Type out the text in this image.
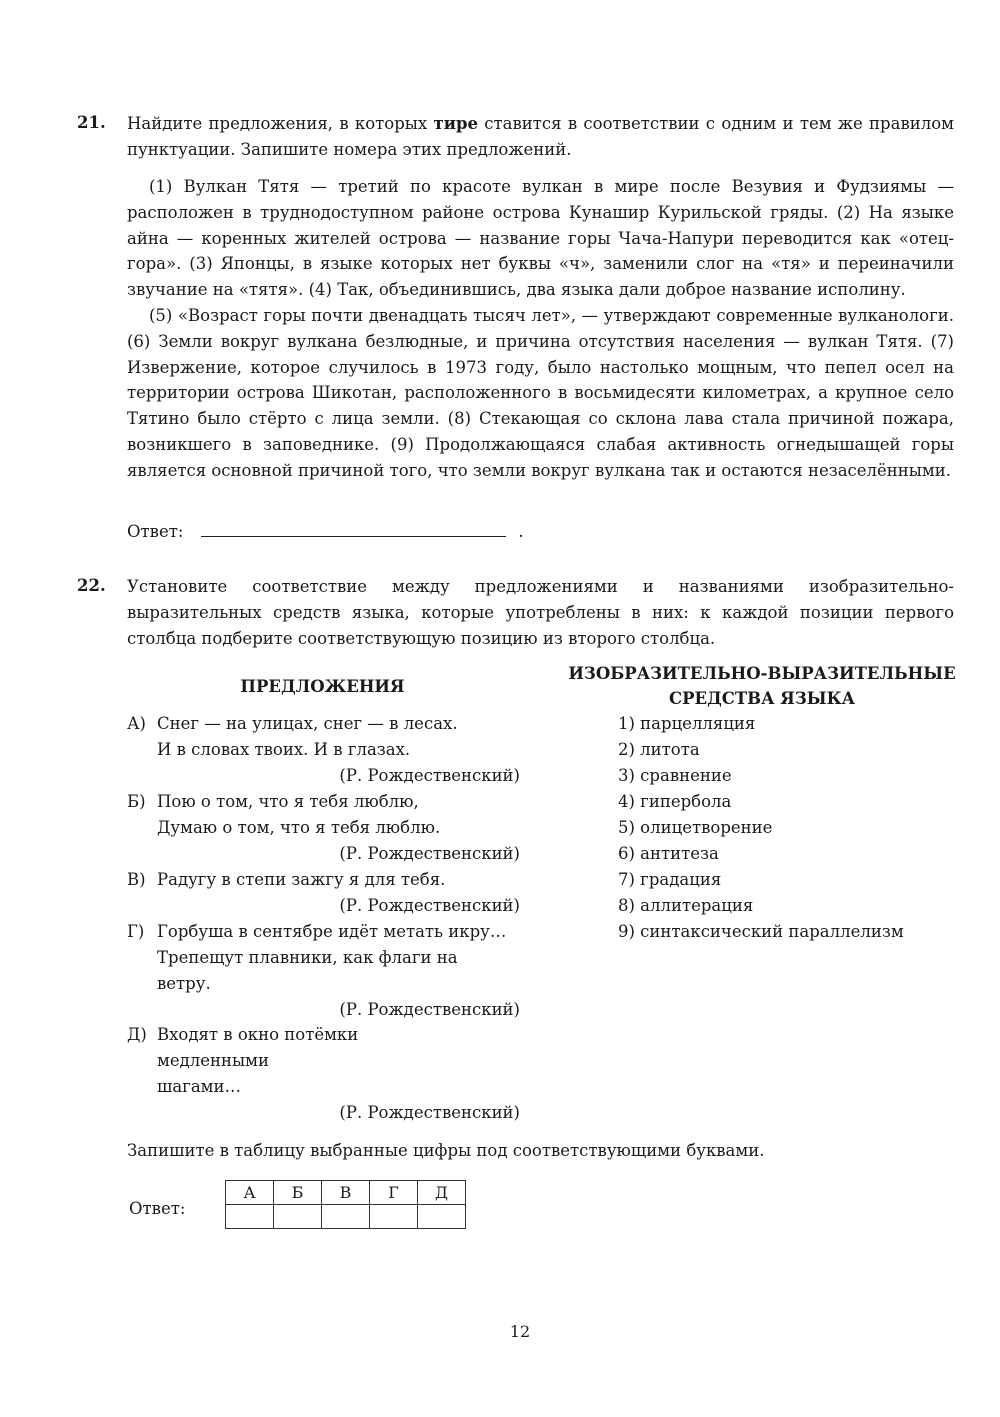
21. Найдите предложения, в которых тире ставится в соответствии с одним и тем же правилом пунктуации. Запишите номера этих предложений.

(1) Вулкан Тятя — третий по красоте вулкан в мире после Везувия и Фудзиямы — расположен в труднодоступном районе острова Кунашир Курильской гряды. (2) На языке айна — коренных жителей острова — название горы Чача-Напури переводится как «отец-гора». (3) Японцы, в языке которых нет буквы «ч», заменили слог на «тя» и переиначили звучание на «тятя». (4) Так, объединившись, два языка дали доброе название исполину.

(5) «Возраст горы почти двенадцать тысяч лет», — утверждают современные вулканологи. (6) Земли вокруг вулкана безлюдные, и причина отсутствия населения — вулкан Тятя. (7) Извержение, которое случилось в 1973 году, было настолько мощным, что пепел осел на территории острова Шикотан, расположенного в восьмидесяти километрах, а крупное село Тятино было стёрто с лица земли. (8) Стекающая со склона лава стала причиной пожара, возникшего в заповеднике. (9) Продолжающаяся слабая активность огнедышащей горы является основной причиной того, что земли вокруг вулкана так и остаются незаселёнными.

Ответ:	.
22. Установите соответствие между предложениями и названиями изобразительно-выразительных средств языка, которые употреблены в них: к каждой позиции первого столбца подберите соответствующую позицию из второго столбца.

ПРЕДЛОЖЕНИЯ
ИЗОБРАЗИТЕЛЬНО-ВЫРАЗИТЕЛЬНЫЕ
СРЕДСТВА ЯЗЫКА
А) Снег — на улицах, снег — в лесах.
И в словах твоих. И в глазах.
(Р. Рождественский)
Б) Пою о том, что я тебя люблю,
Думаю о том, что я тебя люблю.
(Р. Рождественский)
В) Радугу в степи зажгу я для тебя.
(Р. Рождественский)
Г) Горбуша в сентябре идёт метать икру…
Трепещут плавники, как флаги на
ветру.
(Р. Рождественский)
Д) Входят в окно потёмки
медленными
шагами…
(Р. Рождественский)
1) парцелляция
2) литота
3) сравнение
4) гипербола
5) олицетворение
6) антитеза
7) градация
8) аллитерация
9) синтаксический параллелизм
Запишите в таблицу выбранные цифры под соответствующими буквами.
Ответ:
А	Б	В	Г	Д

12
